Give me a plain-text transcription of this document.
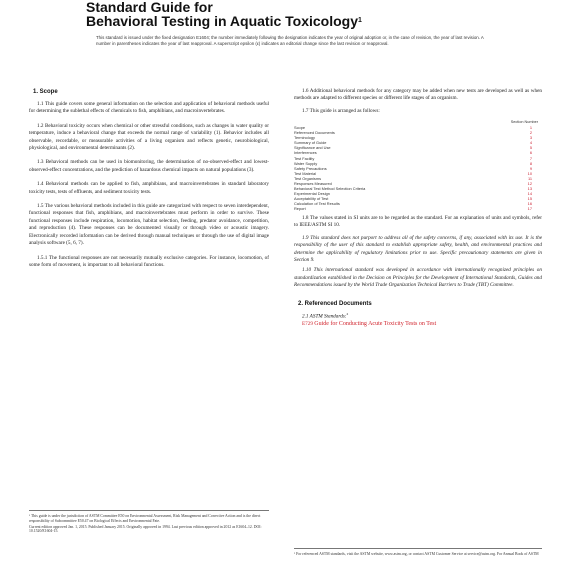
Standard Guide for
Behavioral Testing in Aquatic Toxicology$^1$

This standard is issued under the fixed designation E1604; the number immediately following the designation indicates the year of original adoption or, in the case of revision, the year of last revision. A number in parentheses indicates the year of last reapproval. A superscript epsilon (ε) indicates an editorial change since the last revision or reapproval.

1. Scope

1.1 This guide covers some general information on the selection and application of behavioral methods useful for determining the sublethal effects of chemicals to fish, amphibians, and macroinvertebrates.

1.2 Behavioral toxicity occurs when chemical or other stressful conditions, such as changes in water quality or temperature, induce a behavioral change that exceeds the normal range of variability (1). Behavior includes all observable, recordable, or measurable activities of a living organism and reflects genetic, neurobiological, physiological, and environmental determinants (2).

1.3 Behavioral methods can be used in biomonitoring, the determination of no-observed-effect and lowest-observed-effect concentrations, and the prediction of hazardous chemical impacts on natural populations (3).

1.4 Behavioral methods can be applied to fish, amphibians, and macroinvertebrates in standard laboratory toxicity tests, tests of effluents, and sediment toxicity tests.

1.5 The various behavioral methods included in this guide are categorized with respect to seven interdependent, functional responses that fish, amphibians, and macroinvertebrates must perform in order to survive. These functional responses include respiration, locomotion, habitat selection, feeding, predator avoidance, competition, and reproduction (4). These responses can be documented visually or through video or acoustic imagery. Electronically recorded information can be derived through manual techniques or through the use of digital image analysis software (5, 6, 7).

1.5.1 The functional responses are not necessarily mutually exclusive categories. For instance, locomotion, of some form of movement, is important to all behavioral functions.

¹ This guide is under the jurisdiction of ASTM Committee E50 on Environmental Assessment, Risk Management and Corrective Action and is the direct responsibility of Subcommittee E50.47 on Biological Effects and Environmental Fate.

Current edition approved Jan. 1, 2015. Published January 2015. Originally approved in 1994. Last previous edition approved in 2012 as E1604–12. DOI: 10.1520/E1604-15.

1.6 Additional behavioral methods for any category may be added when new tests are developed as well as when methods are adapted to different species or different life stages of an organism.

1.7 This guide is arranged as follows:

Section Number
Scope	1
Referenced Documents	2
Terminology	3
Summary of Guide	4
Significance and Use	5
Interferences	6
Test Facility	7
Water Supply	8
Safety Precautions	9
Test Material	10
Test Organisms	11
Responses Measured	12
Behavioral Test Method Selection Criteria	13
Experimental Design	14
Acceptability of Test	15
Calculation of Test Results	16
Report	17

1.8 The values stated in SI units are to be regarded as the standard. For an explanation of units and symbols, refer to IEEE/ASTM SI 10.

1.9 This standard does not purport to address all of the safety concerns, if any, associated with its use. It is the responsibility of the user of this standard to establish appropriate safety, health, and environmental practices and determine the applicability of regulatory limitations prior to use. Specific precautionary statements are given in Section 9.

1.10 This international standard was developed in accordance with internationally recognized principles on standardization established in the Decision on Principles for the Development of International Standards, Guides and Recommendations issued by the World Trade Organization Technical Barriers to Trade (TBT) Committee.

2. Referenced Documents

2.1 ASTM Standards:$^2$

E729 Guide for Conducting Acute Toxicity Tests on Test

² For referenced ASTM standards, visit the ASTM website, www.astm.org, or contact ASTM Customer Service at service@astm.org. For Annual Book of ASTM
